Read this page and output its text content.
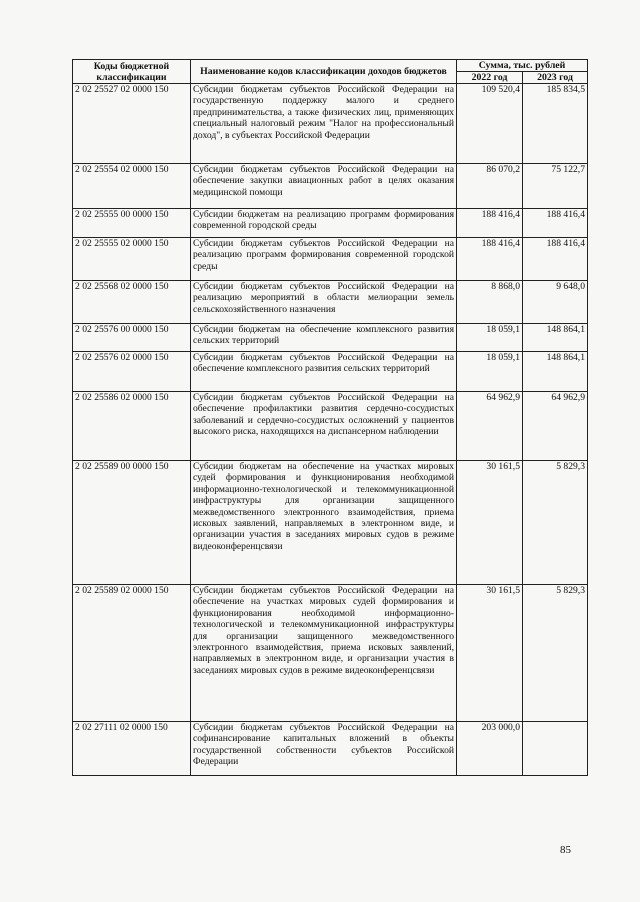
Коды бюджетной классификации	Наименование кодов классификации доходов бюджетов	Сумма, тыс. рублей	
		2022 год	2023 год
2 02 25527 02 0000 150	Субсидии бюджетам субъектов Российской Федерации на государственную поддержку малого и среднего предпринимательства, а также физических лиц, применяющих специальный налоговый режим "Налог на профессиональный доход", в субъектах Российской Федерации	109 520,4	185 834,5
2 02 25554 02 0000 150	Субсидии бюджетам субъектов Российской Федерации на обеспечение закупки авиационных работ в целях оказания медицинской помощи	86 070,2	75 122,7
2 02 25555 00 0000 150	Субсидии бюджетам на реализацию программ формирования современной городской среды	188 416,4	188 416,4
2 02 25555 02 0000 150	Субсидии бюджетам субъектов Российской Федерации на реализацию программ формирования современной городской среды	188 416,4	188 416,4
2 02 25568 02 0000 150	Субсидии бюджетам субъектов Российской Федерации на реализацию мероприятий в области мелиорации земель сельскохозяйственного назначения	8 868,0	9 648,0
2 02 25576 00 0000 150	Субсидии бюджетам на обеспечение комплексного развития сельских территорий	18 059,1	148 864,1
2 02 25576 02 0000 150	Субсидии бюджетам субъектов Российской Федерации на обеспечение комплексного развития сельских территорий	18 059,1	148 864,1
2 02 25586 02 0000 150	Субсидии бюджетам субъектов Российской Федерации на обеспечение профилактики развития сердечно-сосудистых заболеваний и сердечно-сосудистых осложнений у пациентов высокого риска, находящихся на диспансерном наблюдении	64 962,9	64 962,9
2 02 25589 00 0000 150	Субсидии бюджетам на обеспечение на участках мировых судей формирования и функционирования необходимой информационно-технологической и телекоммуникационной инфраструктуры для организации защищенного межведомственного электронного взаимодействия, приема исковых заявлений, направляемых в электронном виде, и организации участия в заседаниях мировых судов в режиме видеоконференцсвязи	30 161,5	5 829,3
2 02 25589 02 0000 150	Субсидии бюджетам субъектов Российской Федерации на обеспечение на участках мировых судей формирования и функционирования необходимой информационно-технологической и телекоммуникационной инфраструктуры для организации защищенного межведомственного электронного взаимодействия, приема исковых заявлений, направляемых в электронном виде, и организации участия в заседаниях мировых судов в режиме видеоконференцсвязи	30 161,5	5 829,3
2 02 27111 02 0000 150	Субсидии бюджетам субъектов Российской Федерации на софинансирование капитальных вложений в объекты государственной собственности субъектов Российской Федерации	203 000,0	
85
